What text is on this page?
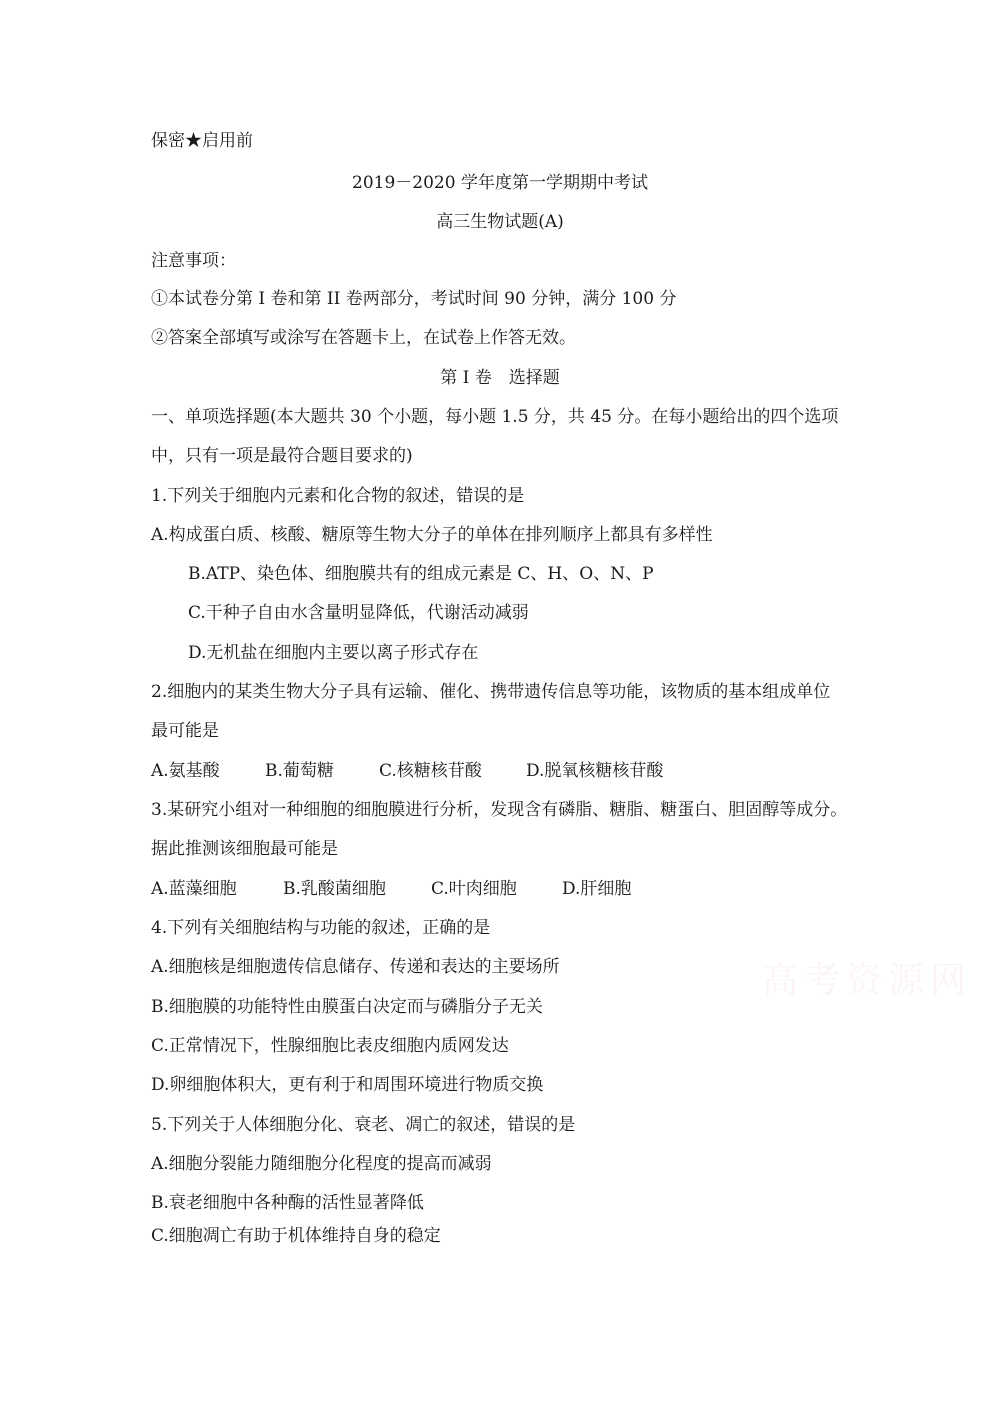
高考资源网
保密★启用前
2019－2020 学年度第一学期期中考试
高三生物试题(A)
注意事项：
①本试卷分第 I 卷和第 II 卷两部分，考试时间 90 分钟，满分 100 分
②答案全部填写或涂写在答题卡上，在试卷上作答无效。
第 I 卷　选择题
一、单项选择题(本大题共 30 个小题，每小题 1.5 分，共 45 分。在每小题给出的四个选项
中，只有一项是最符合题目要求的)
1.下列关于细胞内元素和化合物的叙述，错误的是
A.构成蛋白质、核酸、糖原等生物大分子的单体在排列顺序上都具有多样性
B.ATP、染色体、细胞膜共有的组成元素是 C、H、O、N、P
C.干种子自由水含量明显降低，代谢活动减弱
D.无机盐在细胞内主要以离子形式存在
2.细胞内的某类生物大分子具有运输、催化、携带遗传信息等功能，该物质的基本组成单位
最可能是
A.氨基酸	B.葡萄糖	C.核糖核苷酸	D.脱氧核糖核苷酸
3.某研究小组对一种细胞的细胞膜进行分析，发现含有磷脂、糖脂、糖蛋白、胆固醇等成分。
据此推测该细胞最可能是
A.蓝藻细胞	B.乳酸菌细胞	C.叶肉细胞	D.肝细胞
4.下列有关细胞结构与功能的叙述，正确的是
A.细胞核是细胞遗传信息储存、传递和表达的主要场所
B.细胞膜的功能特性由膜蛋白决定而与磷脂分子无关
C.正常情况下，性腺细胞比表皮细胞内质网发达
D.卵细胞体积大，更有利于和周围环境进行物质交换
5.下列关于人体细胞分化、衰老、凋亡的叙述，错误的是
A.细胞分裂能力随细胞分化程度的提高而减弱
B.衰老细胞中各种酶的活性显著降低
C.细胞凋亡有助于机体维持自身的稳定
